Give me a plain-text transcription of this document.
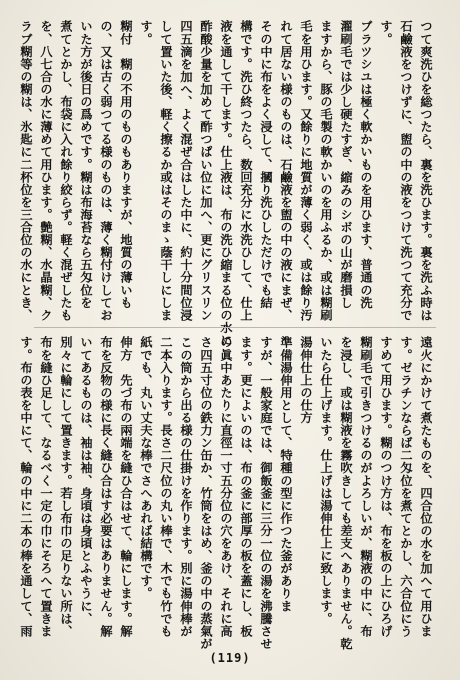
つて爽洗ひを総つたら、裏を洗ひます。裏を洗ふ時は
石鹼液をつけずに、盥の中の液をつけて洗つて充分で
す。
ブラツシユは極く軟かいものを用ひます、普通の洗
濯刷毛では少し硬たすぎ、縮みのシボの山が磨損し
ますから、豚の毛製の軟かいのを用ふるか、或は糊刷
毛を用ひます。又餘りに地質が薄く弱く、或は餘り汚
れて居ない様のものは、石鹼液を盥の中の液にまぜ、
その中に布をよく浸して、摑り洗ひしただけでも結
構です。洗ひ終つたら、数回充分に水洗ひして、仕上
液を通して干します。仕上液は、布の洗ひ縮まる位の水に
酢酸少量を加めて酢つぱい位に加へ、更にグリスリン
四五滴を加へ、よく混ぜ合はした中に、約十分間位浸
して置いた後、軽く擦るか或はそのまゝ蔭干しにしま
す。
糊付　糊の不用のものもありますが、地質の薄いも
の、又は古く弱つてる様のものは、薄く糊付けしてお
いた方が後日の爲めです。糊は布海苔なら五匁位を
煮てとかし、布袋に入れ餘り絞らず。軽く混ぜしたも
を、八七合の水に薄めて用ひます。艶糊、水晶糊、ク
ラブ糊等の糊は、氷匙に二杯位を三合位の水にとき、
遠火にかけて煮たものを、四合位の水を加へて用ひま
す。ゼラチンならば二匁位を煮てとかし、六合位にう
すめて用ひます。糊のつけ方は、布を板の上にひろげ
糊刷毛で引きつけるのがよろしいが、糊液の中に、布
を浸し、或は糊液を霧吹きしても差支へありません。乾
いたら仕上げます。仕上げは湯伸仕上に致します。
湯伸仕上の仕方
準備湯伸用として、特種の型に作つた釜がありま
すが、一般家庭では、御飯釜に三分一位の湯を沸騰させ
ます。更によいのは、布の釜に部厚の板を蓋にし、板
の眞中あたりに直徑一寸五分位の穴をあけ、それに高
さ四五寸位の鉄力ン缶か、竹筒をはめ、釜の中の蒸氣が
この筒から出る様の仕掛けを作ります。別に湯伸棒が
二本入ります。長さ二尺位の丸い棒で、木でも竹でも
紙でも、丸い丈夫な棒でさへあれば結構です。
伸方　先づ布の兩端を縫ひ合はせて、輪にします。解
布を反物の様に長く縫ひ合はす必要はありません。解
いてあるものは、袖は袖、身頃は身頃とふやうに、
別々に輪にして置きます。若し布巾の足りない所は、
布を縫ひ足して、なるべく一定の巾にそろへて置きま
す。布の表を中にて、輪の中に二本の棒を通して、雨
(119)
